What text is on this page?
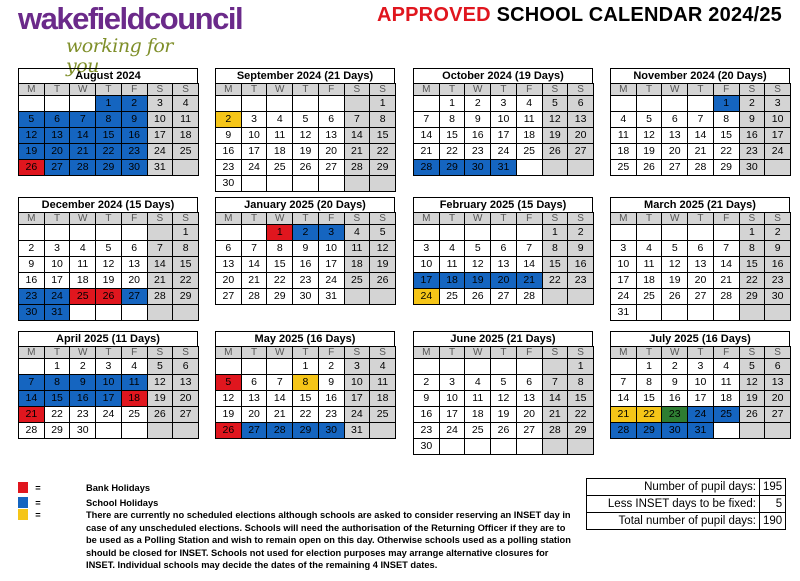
wakefieldcouncil
working for you
APPROVED SCHOOL CALENDAR 2024/25
August 2024
M	T	W	T	F	S	S
			1	2	3	4
5	6	7	8	9	10	11
12	13	14	15	16	17	18
19	20	21	22	23	24	25
26	27	28	29	30	31	
September 2024 (21 Days)
M	T	W	T	F	S	S
						1
2	3	4	5	6	7	8
9	10	11	12	13	14	15
16	17	18	19	20	21	22
23	24	25	26	27	28	29
30						
October 2024 (19 Days)
M	T	W	T	F	S	S
	1	2	3	4	5	6
7	8	9	10	11	12	13
14	15	16	17	18	19	20
21	22	23	24	25	26	27
28	29	30	31			
November 2024 (20 Days)
M	T	W	T	F	S	S
				1	2	3
4	5	6	7	8	9	10
11	12	13	14	15	16	17
18	19	20	21	22	23	24
25	26	27	28	29	30	
December 2024 (15 Days)
M	T	W	T	F	S	S
						1
2	3	4	5	6	7	8
9	10	11	12	13	14	15
16	17	18	19	20	21	22
23	24	25	26	27	28	29
30	31					
January 2025 (20 Days)
M	T	W	T	F	S	S
		1	2	3	4	5
6	7	8	9	10	11	12
13	14	15	16	17	18	19
20	21	22	23	24	25	26
27	28	29	30	31		
February 2025 (15 Days)
M	T	W	T	F	S	S
					1	2
3	4	5	6	7	8	9
10	11	12	13	14	15	16
17	18	19	20	21	22	23
24	25	26	27	28		
March 2025 (21 Days)
M	T	W	T	F	S	S
					1	2
3	4	5	6	7	8	9
10	11	12	13	14	15	16
17	18	19	20	21	22	23
24	25	26	27	28	29	30
31						
April 2025 (11 Days)
M	T	W	T	F	S	S
	1	2	3	4	5	6
7	8	9	10	11	12	13
14	15	16	17	18	19	20
21	22	23	24	25	26	27
28	29	30				
May 2025 (16 Days)
M	T	W	T	F	S	S
			1	2	3	4
5	6	7	8	9	10	11
12	13	14	15	16	17	18
19	20	21	22	23	24	25
26	27	28	29	30	31	
June 2025 (21 Days)
M	T	W	T	F	S	S
						1
2	3	4	5	6	7	8
9	10	11	12	13	14	15
16	17	18	19	20	21	22
23	24	25	26	27	28	29
30						
July 2025 (16 Days)
M	T	W	T	F	S	S
	1	2	3	4	5	6
7	8	9	10	11	12	13
14	15	16	17	18	19	20
21	22	23	24	25	26	27
28	29	30	31			
=	Bank Holidays
=	School Holidays
=	There are currently no scheduled elections although schools are asked to consider reserving an INSET day in case of any unscheduled elections. Schools will need the authorisation of the Returning Officer if they are to be used as a Polling Station and wish to remain open on this day. Otherwise schools used as a polling station should be closed for INSET. Schools not used for election purposes may arrange alternative closures for INSET. Individual schools may decide the dates of the remaining 4 INSET dates.
Number of pupil days:	195
Less INSET days to be fixed:	5
Total number of pupil days:	190
